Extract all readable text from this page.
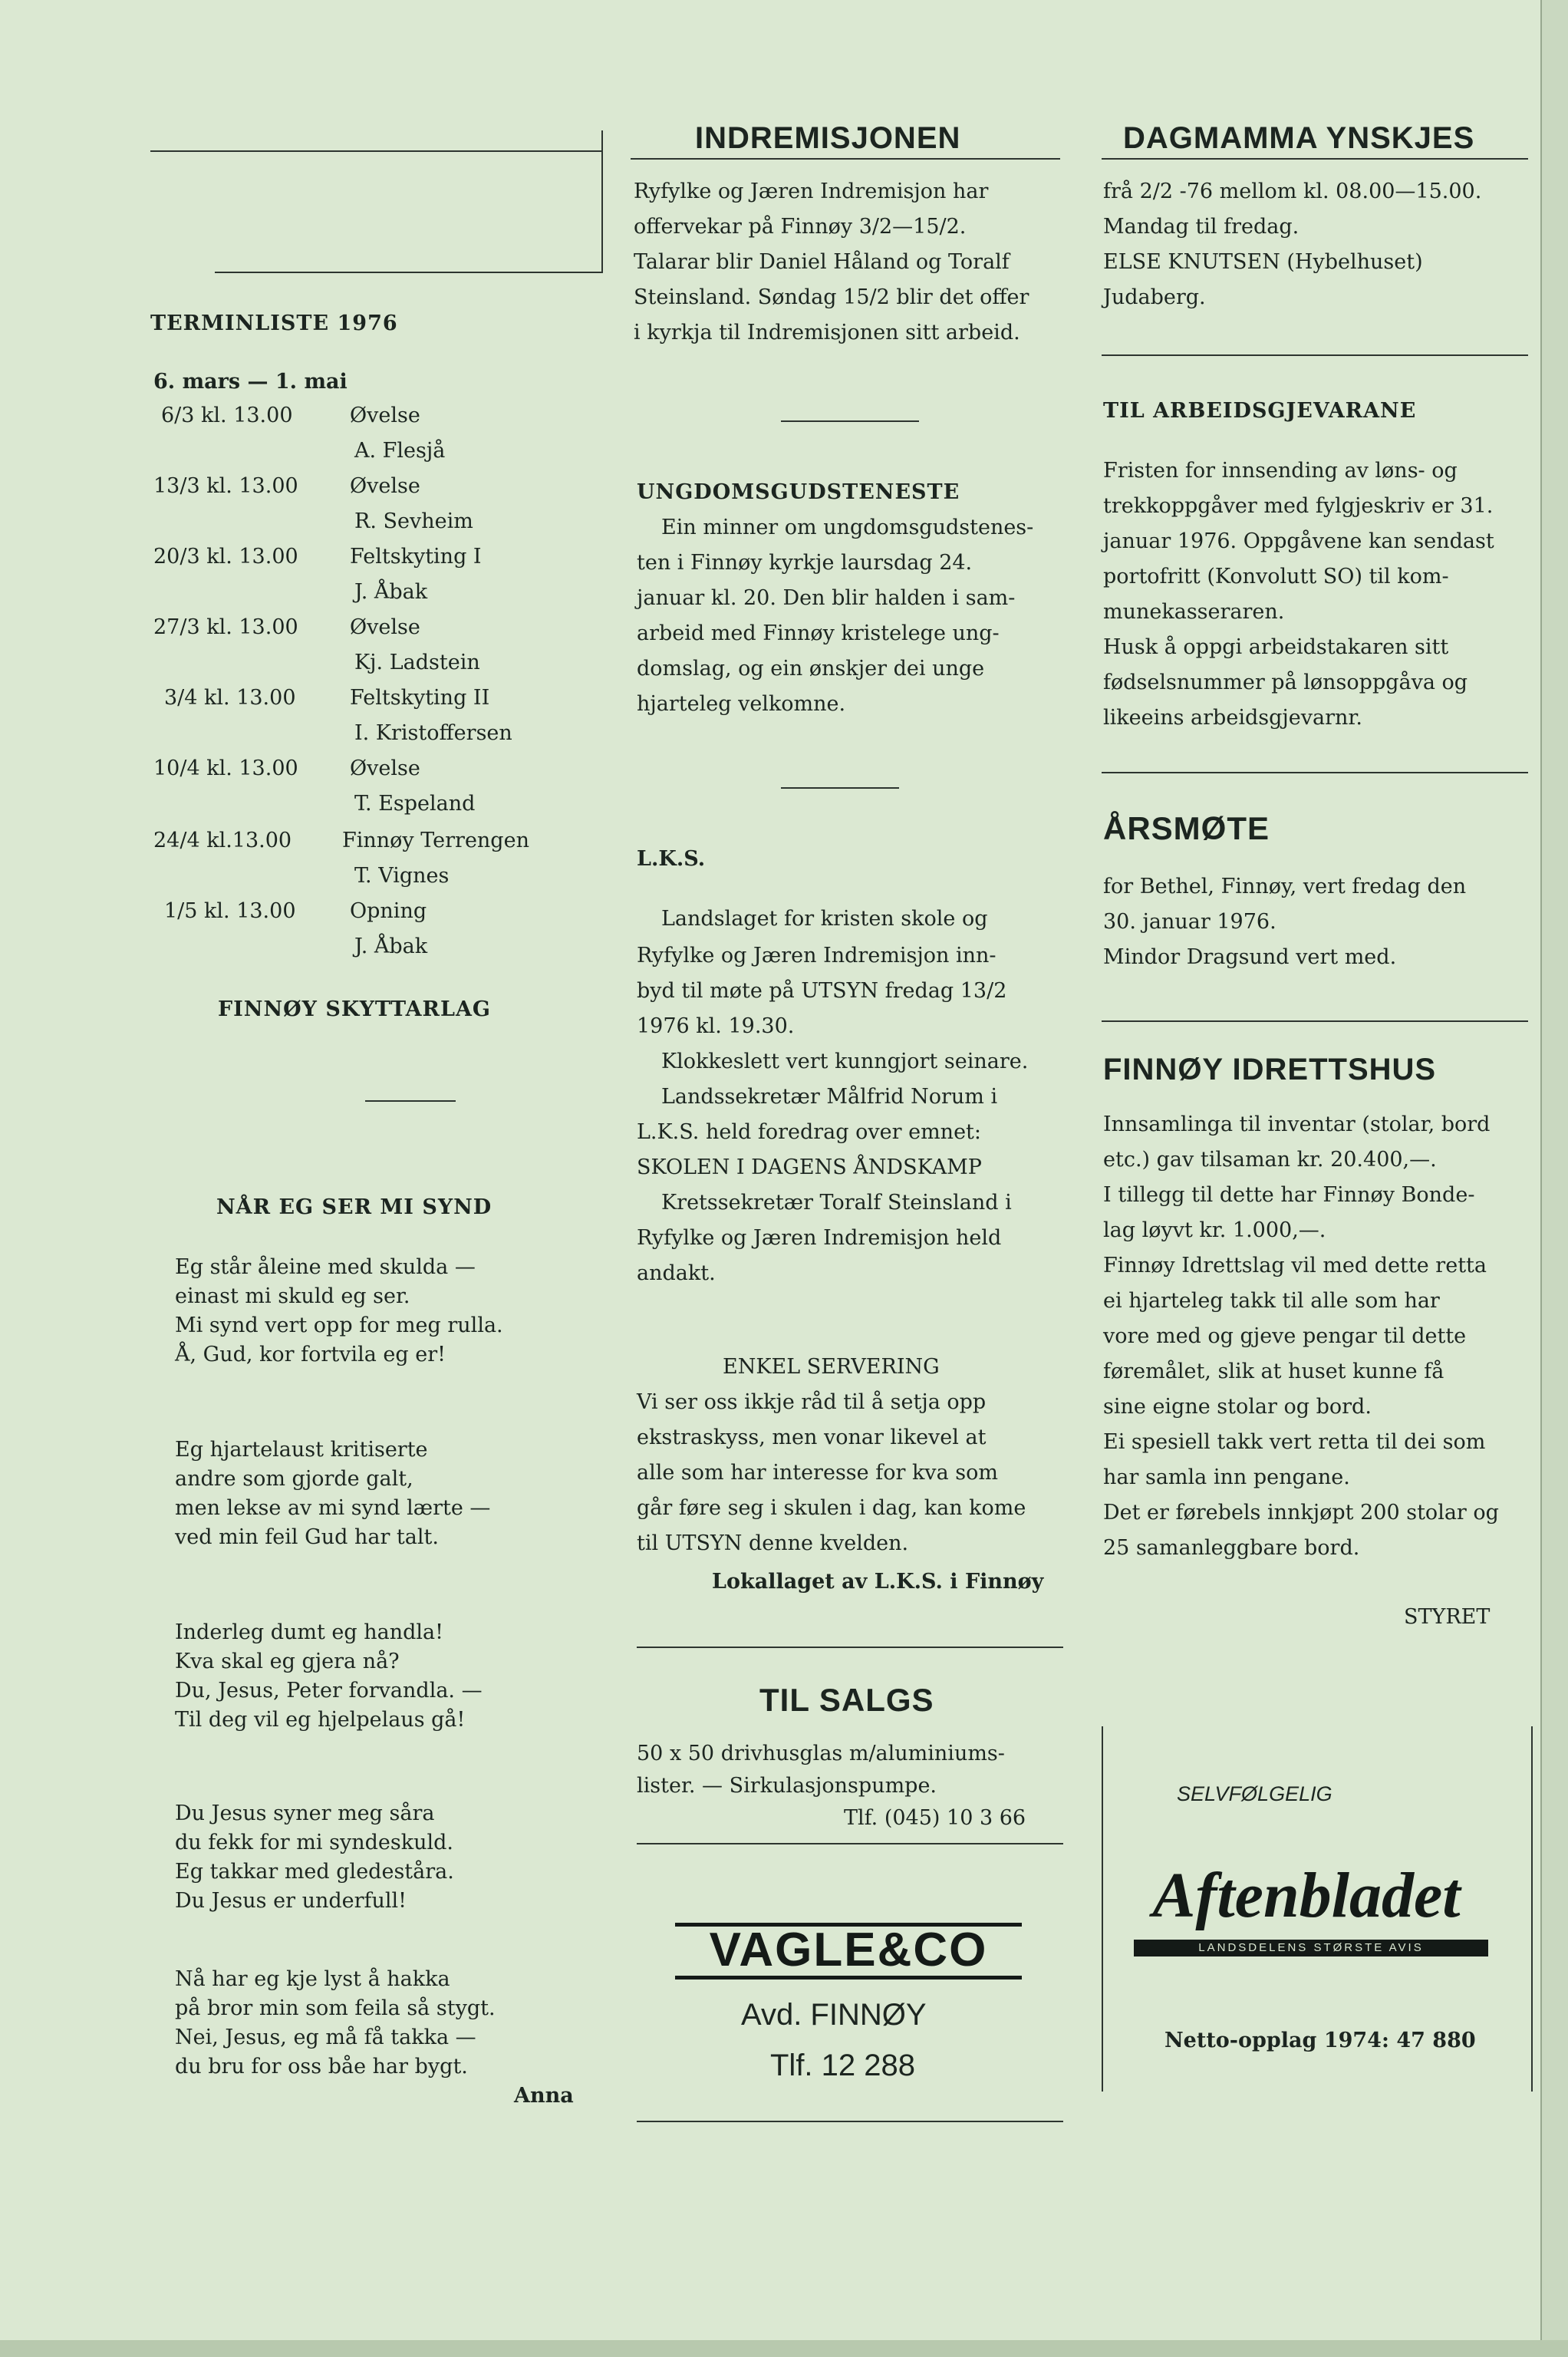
TERMINLISTE 1976
6. mars — 1. mai
6/3 kl. 13.00	Øvelse
A. Flesjå
13/3 kl. 13.00 Øvelse
R. Sevheim
20/3 kl. 13.00 Feltskyting I
J. Åbak
27/3 kl. 13.00 Øvelse
Kj. Ladstein
3/4 kl. 13.00	Feltskyting II
I. Kristoffersen
10/4 kl. 13.00 Øvelse
T. Espeland
24/4 kl.13.00 Finnøy Terrengen
T. Vignes
1/5 kl. 13.00	Opning
J. Åbak
FINNØY SKYTTARLAG
NÅR EG SER MI SYND
Eg står åleine med skulda —
einast mi skuld eg ser.
Mi synd vert opp for meg rulla.
Å, Gud, kor fortvila eg er!
Eg hjartelaust kritiserte
andre som gjorde galt,
men lekse av mi synd lærte —
ved min feil Gud har talt.
Inderleg dumt eg handla!
Kva skal eg gjera nå?
Du, Jesus, Peter forvandla. —
Til deg vil eg hjelpelaus gå!
Du Jesus syner meg såra
du fekk for mi syndeskuld.
Eg takkar med gledeståra.
Du Jesus er underfull!
Nå har eg kje lyst å hakka
på bror min som feila så stygt.
Nei, Jesus, eg må få takka —
du bru for oss båe har bygt.
Anna
INDREMISJONEN
Ryfylke og Jæren Indremisjon har
offervekar på Finnøy 3/2—15/2.
Talarar blir Daniel Håland og Toralf
Steinsland. Søndag 15/2 blir det offer
i kyrkja til Indremisjonen sitt arbeid.
UNGDOMSGUDSTENESTE
Ein minner om ungdomsgudstenes-
ten i Finnøy kyrkje laursdag 24.
januar kl. 20. Den blir halden i sam-
arbeid med Finnøy kristelege ung-
domslag, og ein ønskjer dei unge
hjarteleg velkomne.
L.K.S.
Landslaget for kristen skole og
Ryfylke og Jæren Indremisjon inn-
byd til møte på UTSYN fredag 13/2
1976 kl. 19.30.
Klokkeslett vert kunngjort seinare.
Landssekretær Målfrid Norum i
L.K.S. held foredrag over emnet:
SKOLEN I DAGENS ÅNDSKAMP
Kretssekretær Toralf Steinsland i
Ryfylke og Jæren Indremisjon held
andakt.
ENKEL SERVERING
Vi ser oss ikkje råd til å setja opp
ekstraskyss, men vonar likevel at
alle som har interesse for kva som
går føre seg i skulen i dag, kan kome
til UTSYN denne kvelden.
Lokallaget av L.K.S. i Finnøy
TIL SALGS
50 x 50 drivhusglas m/aluminiums-
lister. — Sirkulasjonspumpe.
Tlf. (045) 10 3 66
VAGLE&CO
Avd. FINNØY
Tlf. 12 288
DAGMAMMA YNSKJES
frå 2/2 -76 mellom kl. 08.00—15.00.
Mandag til fredag.
ELSE KNUTSEN (Hybelhuset)
Judaberg.
TIL ARBEIDSGJEVARANE
Fristen for innsending av løns- og
trekkoppgåver med fylgjeskriv er 31.
januar 1976. Oppgåvene kan sendast
portofritt (Konvolutt SO) til kom-
munekasseraren.
Husk å oppgi arbeidstakaren sitt
fødselsnummer på lønsoppgåva og
likeeins arbeidsgjevarnr.
ÅRSMØTE
for Bethel, Finnøy, vert fredag den
30. januar 1976.
Mindor Dragsund vert med.
FINNØY IDRETTSHUS
Innsamlinga til inventar (stolar, bord
etc.) gav tilsaman kr. 20.400,—.
I tillegg til dette har Finnøy Bonde-
lag løyvt kr. 1.000,—.
Finnøy Idrettslag vil med dette retta
ei hjarteleg takk til alle som har
vore med og gjeve pengar til dette
føremålet, slik at huset kunne få
sine eigne stolar og bord.
Ei spesiell takk vert retta til dei som
har samla inn pengane.
Det er førebels innkjøpt 200 stolar og
25 samanleggbare bord.
STYRET
SELVFØLGELIG
Aftenbladet
LANDSDELENS STØRSTE AVIS
Netto-opplag 1974: 47 880
